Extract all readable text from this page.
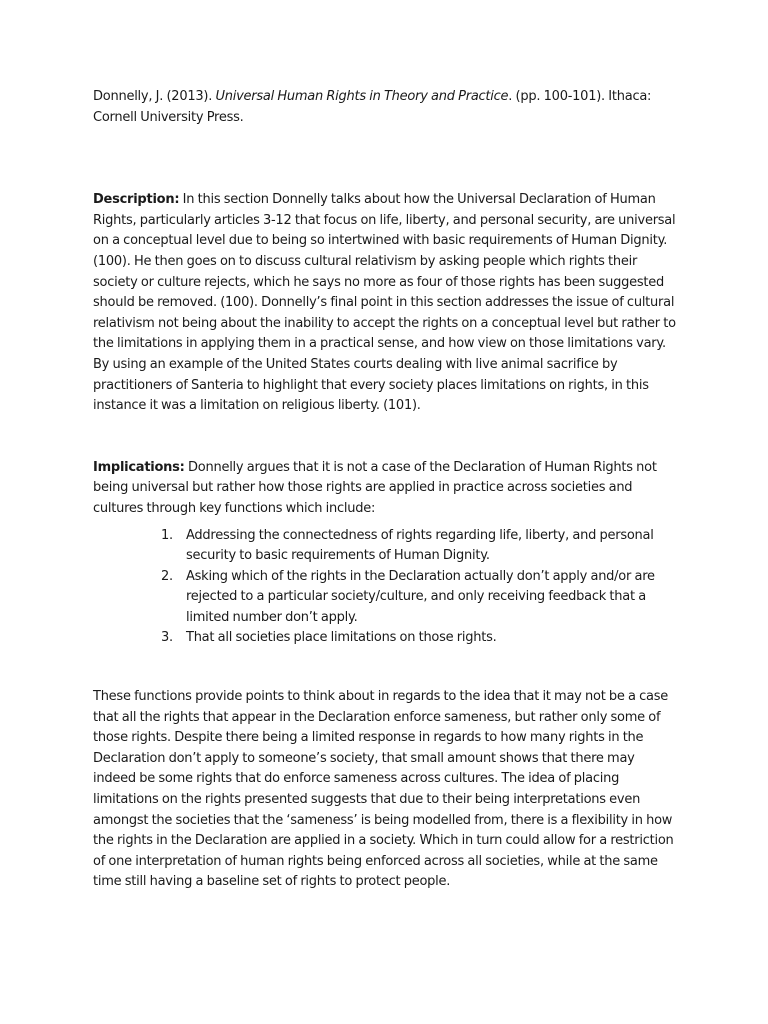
Donnelly, J. (2013). Universal Human Rights in Theory and Practice. (pp. 100-101). Ithaca: Cornell University Press.

Description: In this section Donnelly talks about how the Universal Declaration of Human Rights, particularly articles 3-12 that focus on life, liberty, and personal security, are universal on a conceptual level due to being so intertwined with basic requirements of Human Dignity. (100). He then goes on to discuss cultural relativism by asking people which rights their society or culture rejects, which he says no more as four of those rights has been suggested should be removed. (100). Donnelly’s final point in this section addresses the issue of cultural relativism not being about the inability to accept the rights on a conceptual level but rather to the limitations in applying them in a practical sense, and how view on those limitations vary. By using an example of the United States courts dealing with live animal sacrifice by practitioners of Santeria to highlight that every society places limitations on rights, in this instance it was a limitation on religious liberty. (101).

Implications: Donnelly argues that it is not a case of the Declaration of Human Rights not being universal but rather how those rights are applied in practice across societies and cultures through key functions which include:

1. Addressing the connectedness of rights regarding life, liberty, and personal security to basic requirements of Human Dignity.
2. Asking which of the rights in the Declaration actually don’t apply and/or are rejected to a particular society/culture, and only receiving feedback that a limited number don’t apply.
3. That all societies place limitations on those rights.

These functions provide points to think about in regards to the idea that it may not be a case that all the rights that appear in the Declaration enforce sameness, but rather only some of those rights. Despite there being a limited response in regards to how many rights in the Declaration don’t apply to someone’s society, that small amount shows that there may indeed be some rights that do enforce sameness across cultures. The idea of placing limitations on the rights presented suggests that due to their being interpretations even amongst the societies that the ‘sameness’ is being modelled from, there is a flexibility in how the rights in the Declaration are applied in a society. Which in turn could allow for a restriction of one interpretation of human rights being enforced across all societies, while at the same time still having a baseline set of rights to protect people.
